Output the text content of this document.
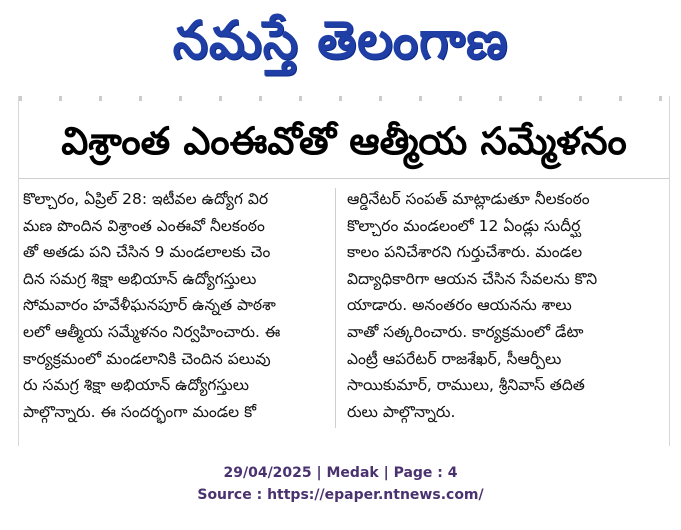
నమస్తే తెలంగాణ
విశ్రాంత ఎంఈవోతో ఆత్మీయ సమ్మేళనం
కొల్చారం, ఏప్రిల్ 28: ఇటీవల ఉద్యోగ విర
మణ పొందిన విశ్రాంత ఎంఈవో నీలకంఠం
తో అతడు పని చేసిన 9 మండలాలకు చెం
దిన సమగ్ర శిక్షా అభియాన్ ఉద్యోగస్తులు
సోమవారం హవేళీఘనపూర్ ఉన్నత పాఠశా
లలో ఆత్మీయ సమ్మేళనం నిర్వహించారు. ఈ
కార్యక్రమంలో మండలానికి చెందిన పలువు
రు సమగ్ర శిక్షా అభియాన్ ఉద్యోగస్తులు
పాల్గొన్నారు. ఈ సందర్భంగా మండల కో
ఆర్డినేటర్ సంపత్ మాట్లాడుతూ నీలకంఠం
కొల్చారం మండలంలో 12 ఏండ్లు సుదీర్ఘ
కాలం పనిచేశారని గుర్తుచేశారు. మండల
విద్యాధికారిగా ఆయన చేసిన సేవలను కొని
యాడారు. అనంతరం ఆయనను శాలు
వాతో సత్కరించారు. కార్యక్రమంలో డేటా
ఎంట్రీ ఆపరేటర్ రాజశేఖర్, సీఆర్పీలు
సాయికుమార్, రాములు, శ్రీనివాస్ తదిత
రులు పాల్గొన్నారు.
29/04/2025 | Medak | Page : 4
Source : https://epaper.ntnews.com/
